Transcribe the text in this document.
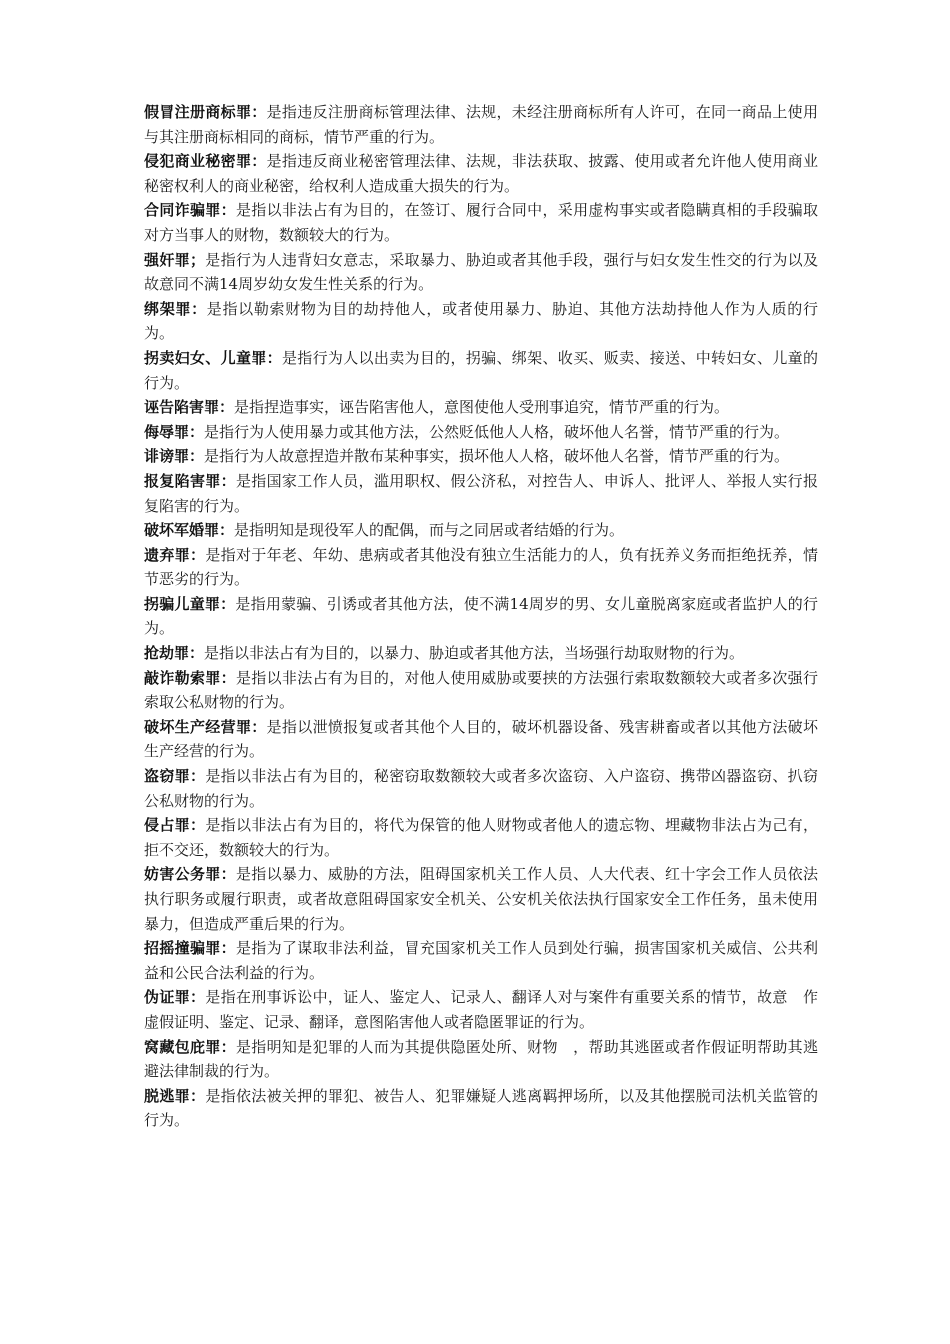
假冒注册商标罪：是指违反注册商标管理法律、法规，未经注册商标所有人许可，在同一商品上使用与其注册商标相同的商标，情节严重的行为。

侵犯商业秘密罪：是指违反商业秘密管理法律、法规，非法获取、披露、使用或者允许他人使用商业秘密权利人的商业秘密，给权利人造成重大损失的行为。

合同诈骗罪：是指以非法占有为目的，在签订、履行合同中，采用虚构事实或者隐瞒真相的手段骗取对方当事人的财物，数额较大的行为。

强奸罪；是指行为人违背妇女意志，采取暴力、胁迫或者其他手段，强行与妇女发生性交的行为以及故意同不满14周岁幼女发生性关系的行为。

绑架罪：是指以勒索财物为目的劫持他人，或者使用暴力、胁迫、其他方法劫持他人作为人质的行为。

拐卖妇女、儿童罪：是指行为人以出卖为目的，拐骗、绑架、收买、贩卖、接送、中转妇女、儿童的行为。

诬告陷害罪：是指捏造事实，诬告陷害他人，意图使他人受刑事追究，情节严重的行为。

侮辱罪：是指行为人使用暴力或其他方法，公然贬低他人人格，破坏他人名誉，情节严重的行为。

诽谤罪：是指行为人故意捏造并散布某种事实，损坏他人人格，破坏他人名誉，情节严重的行为。

报复陷害罪：是指国家工作人员，滥用职权、假公济私，对控告人、申诉人、批评人、举报人实行报复陷害的行为。

破坏军婚罪：是指明知是现役军人的配偶，而与之同居或者结婚的行为。

遗弃罪：是指对于年老、年幼、患病或者其他没有独立生活能力的人，负有抚养义务而拒绝抚养，情节恶劣的行为。

拐骗儿童罪：是指用蒙骗、引诱或者其他方法，使不满14周岁的男、女儿童脱离家庭或者监护人的行为。

抢劫罪：是指以非法占有为目的，以暴力、胁迫或者其他方法，当场强行劫取财物的行为。

敲诈勒索罪：是指以非法占有为目的，对他人使用威胁或要挟的方法强行索取数额较大或者多次强行索取公私财物的行为。

破坏生产经营罪：是指以泄愤报复或者其他个人目的，破坏机器设备、残害耕畜或者以其他方法破坏生产经营的行为。

盗窃罪：是指以非法占有为目的，秘密窃取数额较大或者多次盗窃、入户盗窃、携带凶器盗窃、扒窃公私财物的行为。

侵占罪：是指以非法占有为目的，将代为保管的他人财物或者他人的遗忘物、埋藏物非法占为己有，拒不交还，数额较大的行为。

妨害公务罪：是指以暴力、威胁的方法，阻碍国家机关工作人员、人大代表、红十字会工作人员依法执行职务或履行职责，或者故意阻碍国家安全机关、公安机关依法执行国家安全工作任务，虽未使用暴力，但造成严重后果的行为。

招摇撞骗罪：是指为了谋取非法利益，冒充国家机关工作人员到处行骗，损害国家机关威信、公共利益和公民合法利益的行为。

伪证罪：是指在刑事诉讼中，证人、鉴定人、记录人、翻译人对与案件有重要关系的情节，故意　作虚假证明、鉴定、记录、翻译，意图陷害他人或者隐匿罪证的行为。

窝藏包庇罪：是指明知是犯罪的人而为其提供隐匿处所、财物　，帮助其逃匿或者作假证明帮助其逃避法律制裁的行为。

脱逃罪：是指依法被关押的罪犯、被告人、犯罪嫌疑人逃离羁押场所，以及其他摆脱司法机关监管的行为。
